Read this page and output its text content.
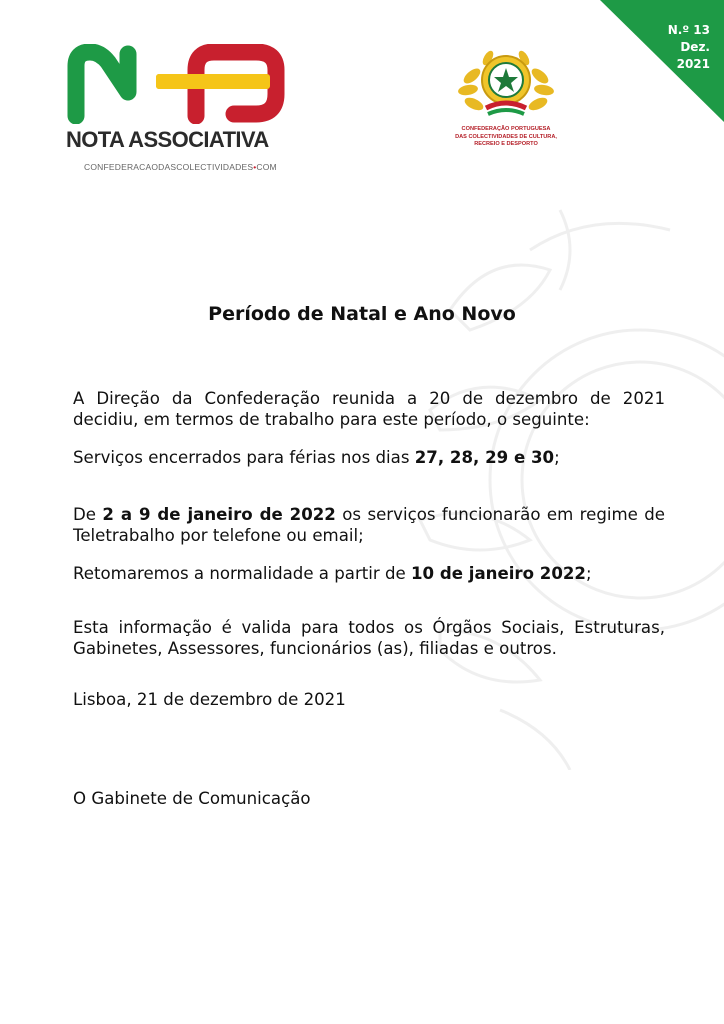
N.º 13
Dez.
2021
NOTA ASSOCIATIVA
CONFEDERACAODASCOLECTIVIDADES•COM
CONFEDERAÇÃO PORTUGUESA
DAS COLECTIVIDADES DE CULTURA,
RECREIO E DESPORTO
Período de Natal e Ano Novo
A Direção da Confederação reunida a 20 de dezembro de 2021 decidiu, em termos de trabalho para este período, o seguinte:
Serviços encerrados para férias nos dias 27, 28, 29 e 30;
De 2 a 9 de janeiro de 2022 os serviços funcionarão em regime de Teletrabalho por telefone ou email;
Retomaremos a normalidade a partir de 10 de janeiro 2022;
Esta informação é valida para todos os Órgãos Sociais, Estruturas, Gabinetes, Assessores, funcionários (as), filiadas e outros.
Lisboa, 21 de dezembro de 2021
O Gabinete de Comunicação
